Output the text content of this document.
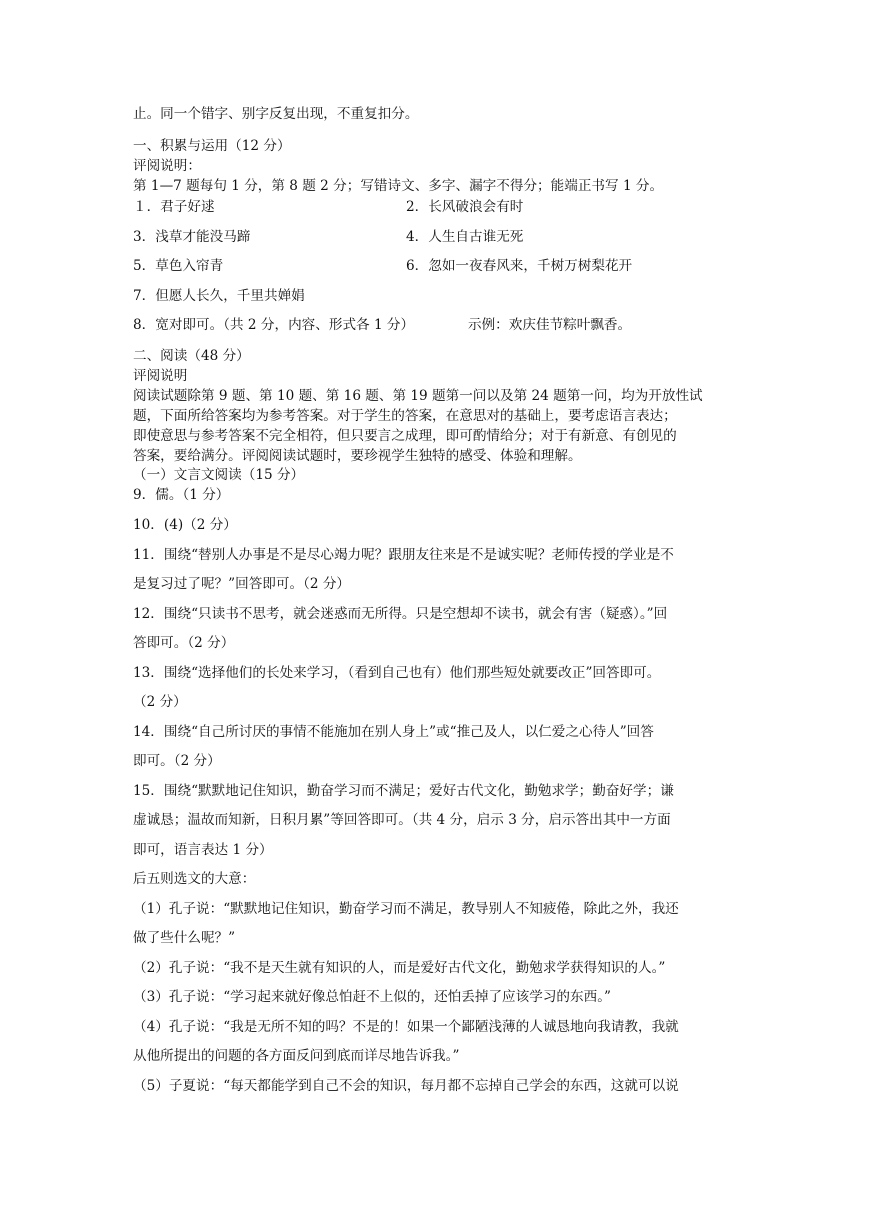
止。同一个错字、别字反复出现，不重复扣分。
一、积累与运用（12 分）
评阅说明：
第 1—7 题每句 1 分，第 8 题 2 分；写错诗文、多字、漏字不得分；能端正书写 1 分。
１．君子好逑	2．长风破浪会有时
3．浅草才能没马蹄	4．人生自古谁无死
5．草色入帘青	6．忽如一夜春风来，千树万树梨花开
7．但愿人长久，千里共婵娟
8．宽对即可。（共 2 分，内容、形式各 1 分）	示例：欢庆佳节粽叶飘香。
二、阅读（48 分）
评阅说明
阅读试题除第 9 题、第 10 题、第 16 题、第 19 题第一问以及第 24 题第一问，均为开放性试
题，下面所给答案均为参考答案。对于学生的答案，在意思对的基础上，要考虑语言表达；
即使意思与参考答案不完全相符，但只要言之成理，即可酌情给分；对于有新意、有创见的
答案，要给满分。评阅阅读试题时，要珍视学生独特的感受、体验和理解。
（一）文言文阅读（15 分）
9．儒。（1 分）
10．(4)（2 分）
11．围绕“替别人办事是不是尽心竭力呢？跟朋友往来是不是诚实呢？老师传授的学业是不
是复习过了呢？”回答即可。（2 分）
12．围绕“只读书不思考，就会迷惑而无所得。只是空想却不读书，就会有害（疑惑）。”回
答即可。（2 分）
13．围绕“选择他们的长处来学习，（看到自己也有）他们那些短处就要改正”回答即可。
（2 分）
14．围绕“自己所讨厌的事情不能施加在别人身上”或“推己及人，以仁爱之心待人”回答
即可。（2 分）
15．围绕“默默地记住知识，勤奋学习而不满足；爱好古代文化，勤勉求学；勤奋好学；谦
虚诚恳；温故而知新，日积月累”等回答即可。（共 4 分，启示 3 分，启示答出其中一方面
即可，语言表达 1 分）
后五则选文的大意：
（1）孔子说：“默默地记住知识，勤奋学习而不满足，教导别人不知疲倦，除此之外，我还
做了些什么呢？”
（2）孔子说：“我不是天生就有知识的人，而是爱好古代文化，勤勉求学获得知识的人。”
（3）孔子说：“学习起来就好像总怕赶不上似的，还怕丢掉了应该学习的东西。”
（4）孔子说：“我是无所不知的吗？不是的！如果一个鄙陋浅薄的人诚恳地向我请教，我就
从他所提出的问题的各方面反问到底而详尽地告诉我。”
（5）子夏说：“每天都能学到自己不会的知识，每月都不忘掉自己学会的东西，这就可以说
